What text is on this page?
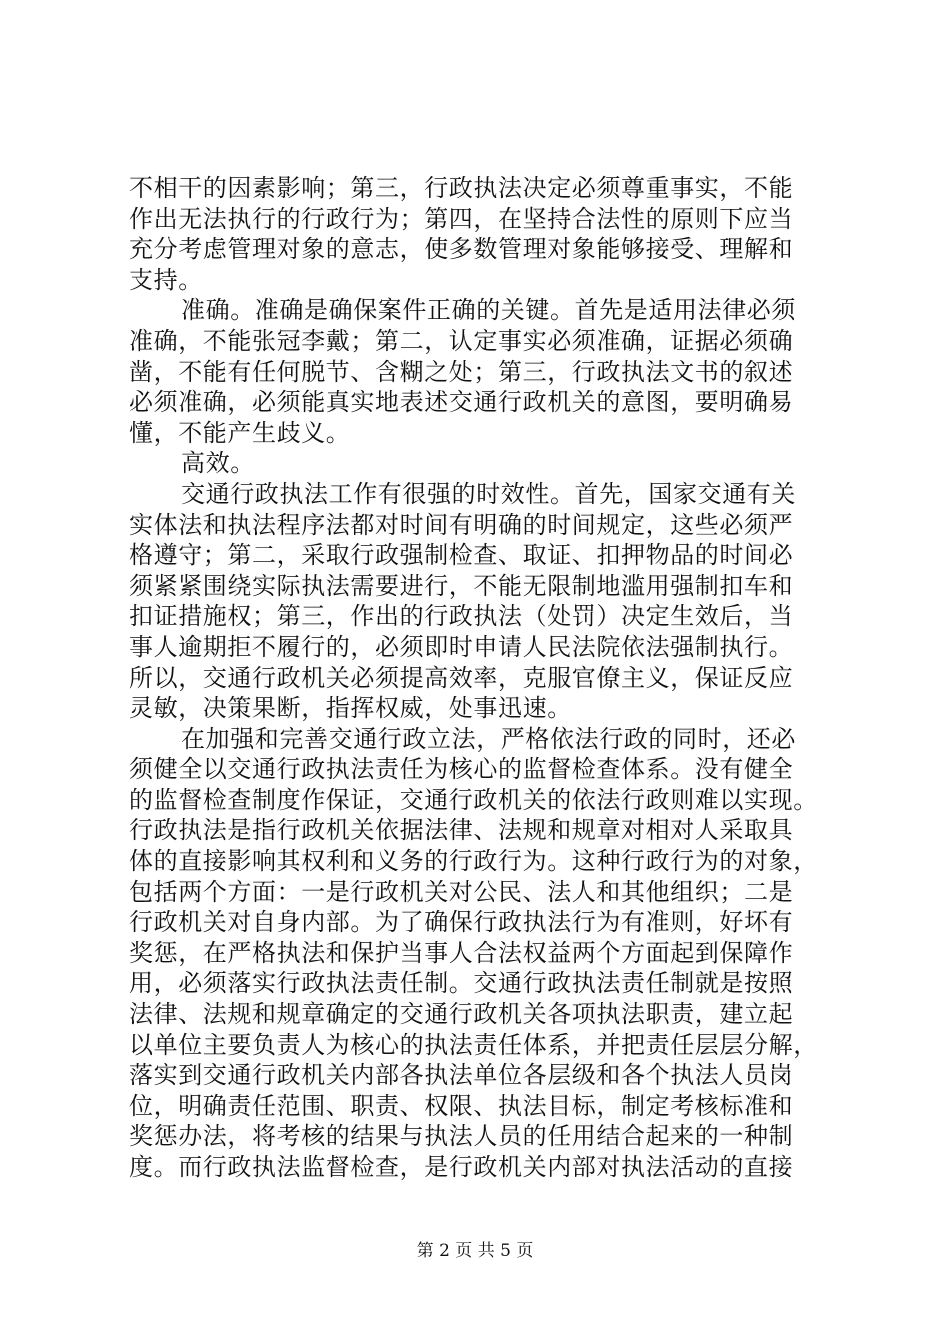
不相干的因素影响；第三，行政执法决定必须尊重事实，不能
作出无法执行的行政行为；第四，在坚持合法性的原则下应当
充分考虑管理对象的意志，使多数管理对象能够接受、理解和
支持。
准确。准确是确保案件正确的关键。首先是适用法律必须
准确，不能张冠李戴；第二，认定事实必须准确，证据必须确
凿，不能有任何脱节、含糊之处；第三，行政执法文书的叙述
必须准确，必须能真实地表述交通行政机关的意图，要明确易
懂，不能产生歧义。
高效。
交通行政执法工作有很强的时效性。首先，国家交通有关
实体法和执法程序法都对时间有明确的时间规定，这些必须严
格遵守；第二，采取行政强制检查、取证、扣押物品的时间必
须紧紧围绕实际执法需要进行，不能无限制地滥用强制扣车和
扣证措施权；第三，作出的行政执法（处罚）决定生效后，当
事人逾期拒不履行的，必须即时申请人民法院依法强制执行。
所以，交通行政机关必须提高效率，克服官僚主义，保证反应
灵敏，决策果断，指挥权威，处事迅速。
在加强和完善交通行政立法，严格依法行政的同时，还必
须健全以交通行政执法责任为核心的监督检查体系。没有健全
的监督检查制度作保证，交通行政机关的依法行政则难以实现。
行政执法是指行政机关依据法律、法规和规章对相对人采取具
体的直接影响其权利和义务的行政行为。这种行政行为的对象，
包括两个方面：一是行政机关对公民、法人和其他组织；二是
行政机关对自身内部。为了确保行政执法行为有准则，好坏有
奖惩，在严格执法和保护当事人合法权益两个方面起到保障作
用，必须落实行政执法责任制。交通行政执法责任制就是按照
法律、法规和规章确定的交通行政机关各项执法职责，建立起
以单位主要负责人为核心的执法责任体系，并把责任层层分解，
落实到交通行政机关内部各执法单位各层级和各个执法人员岗
位，明确责任范围、职责、权限、执法目标，制定考核标准和
奖惩办法，将考核的结果与执法人员的任用结合起来的一种制
度。而行政执法监督检查，是行政机关内部对执法活动的直接
第 2 页 共 5 页
